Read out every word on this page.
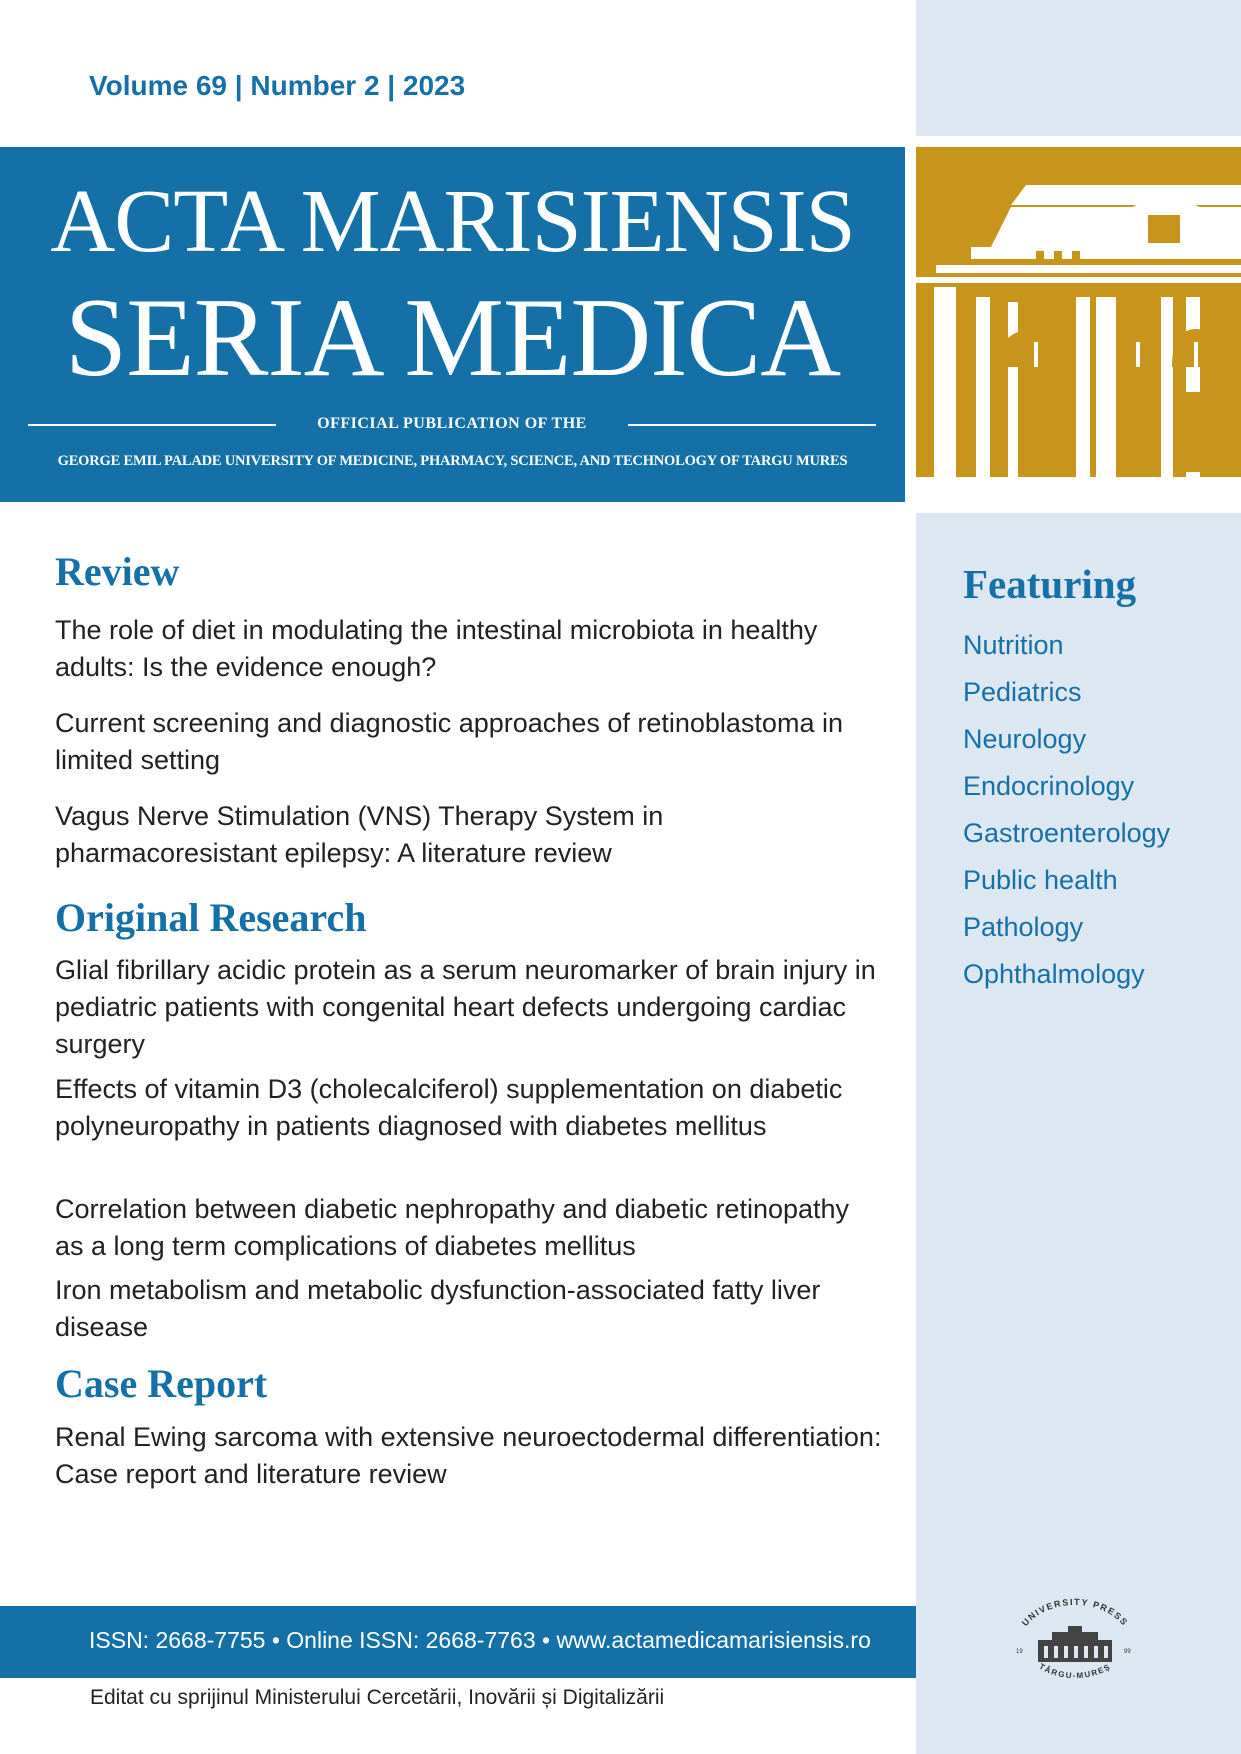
Volume 69 | Number 2 | 2023
ACTA MARISIENSIS
SERIA MEDICA
OFFICIAL PUBLICATION OF THE
GEORGE EMIL PALADE UNIVERSITY OF MEDICINE, PHARMACY, SCIENCE, AND TECHNOLOGY OF TARGU MURES
Review
The role of diet in modulating the intestinal microbiota in healthy adults: Is the evidence enough?
Current screening and diagnostic approaches of retinoblastoma in limited setting
Vagus Nerve Stimulation (VNS) Therapy System in pharmacoresistant epilepsy: A literature review
Original Research
Glial fibrillary acidic protein as a serum neuromarker of brain injury in pediatric patients with congenital heart defects undergoing cardiac surgery
Effects of vitamin D3 (cholecalciferol) supplementation on diabetic polyneuropathy in patients diagnosed with diabetes mellitus
Correlation between diabetic nephropathy and diabetic retinopathy as a long term complications of diabetes mellitus
Iron metabolism and metabolic dysfunction-associated fatty liver disease
Case Report
Renal Ewing sarcoma with extensive neuroectodermal differentiation: Case report and literature review
Featuring
Nutrition
Pediatrics
Neurology
Endocrinology
Gastroenterology
Public health
Pathology
Ophthalmology
ISSN: 2668-7755 • Online ISSN: 2668-7763 • www.actamedicamarisiensis.ro
Editat cu sprijinul Ministerului Cercetării, Inovării și Digitalizării
UNIVERSITY PRESS
TÂRGU-MUREȘ
19	99
